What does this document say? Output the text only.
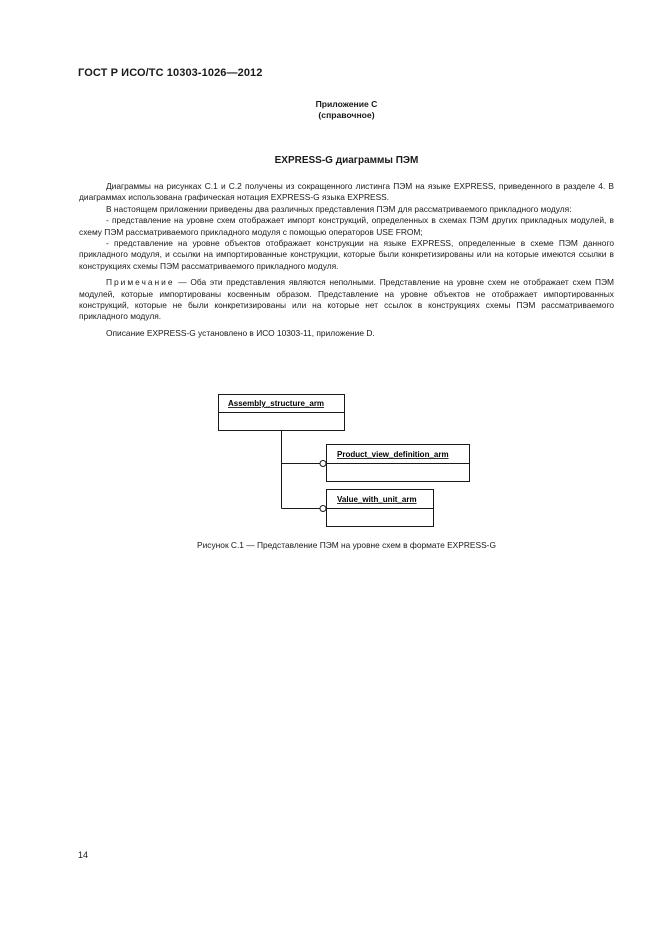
ГОСТ Р ИСО/ТС 10303-1026—2012
Приложение С
(справочное)
EXPRESS-G диаграммы ПЭМ

Диаграммы на рисунках С.1 и С.2 получены из сокращенного листинга ПЭМ на языке EXPRESS, приведенного в разделе 4. В диаграммах использована графическая нотация EXPRESS-G языка EXPRESS.

В настоящем приложении приведены два различных представления ПЭМ для рассматриваемого прикладного модуля:

- представление на уровне схем отображает импорт конструкций, определенных в схемах ПЭМ других прикладных модулей, в схему ПЭМ рассматриваемого прикладного модуля с помощью операторов USE FROM;

- представление на уровне объектов отображает конструкции на языке EXPRESS, определенные в схеме ПЭМ данного прикладного модуля, и ссылки на импортированные конструкции, которые были конкретизированы или на которые имеются ссылки в конструкциях схемы ПЭМ рассматриваемого прикладного модуля.

Примечание — Оба эти представления являются неполными. Представление на уровне схем не отображает схем ПЭМ модулей, которые импортированы косвенным образом. Представление на уровне объектов не отображает импортированных конструкций, которые не были конкретизированы или на которые нет ссылок в конструкциях схемы ПЭМ рассматриваемого прикладного модуля.

Описание EXPRESS-G установлено в ИСО 10303-11, приложение D.

Assembly_structure_arm
Product_view_definition_arm
Value_with_unit_arm
Рисунок С.1 — Представление ПЭМ на уровне схем в формате EXPRESS-G
14
